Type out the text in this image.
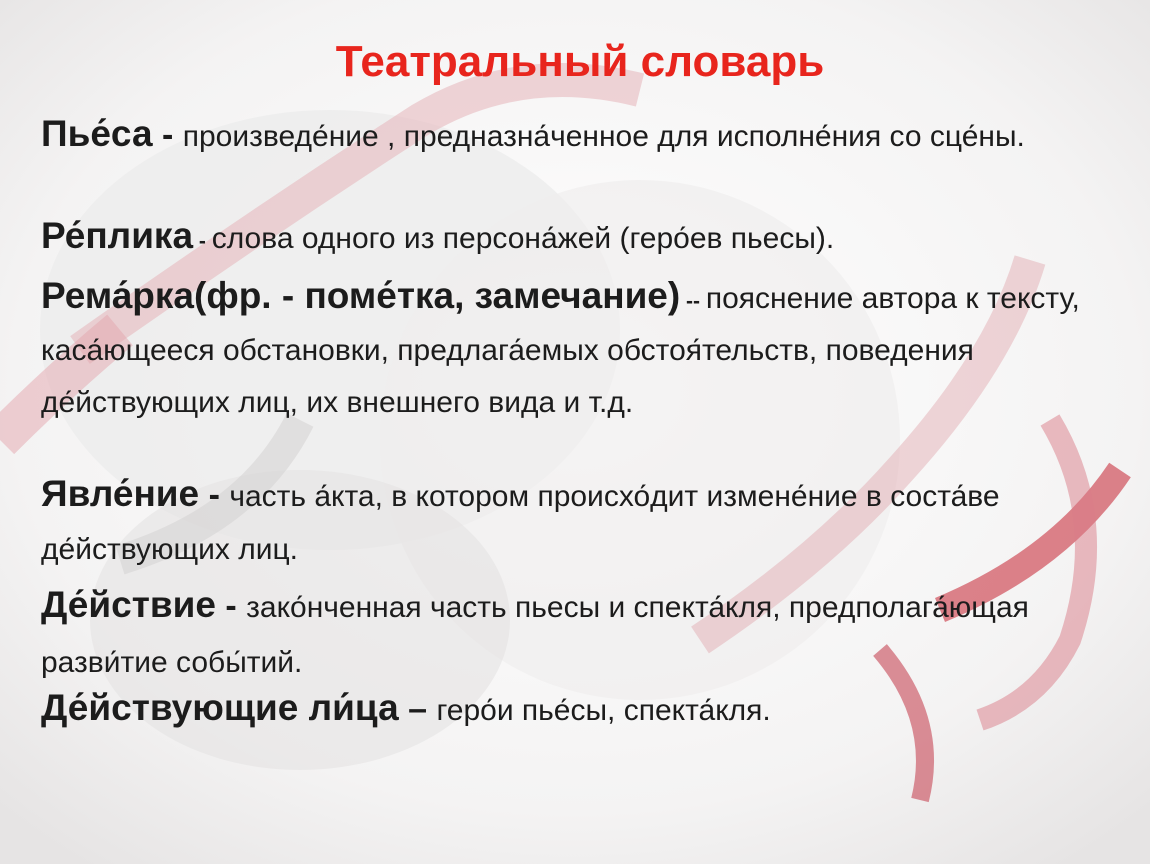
Театральный словарь
Пье́са - произведе́ние , предназна́ченное для исполне́ния со сце́ны.
Ре́плика - слова одного из персона́жей (геро́ев пьесы).
Рема́рка(фр. - поме́тка, замечание) -- пояснение автора к тексту, каса́ющееся обстановки, предлага́емых обстоя́тельств, поведения де́йствующих лиц, их внешнего вида и т.д.
Явле́ние - часть а́кта, в котором происхо́дит измене́ние в соста́ве де́йствующих лиц.
Де́йствие - зако́нченная часть пьесы и спекта́кля, предполага́ющая разви́тие собы́тий.
Де́йствующие ли́ца – геро́и пье́сы, спекта́кля.
